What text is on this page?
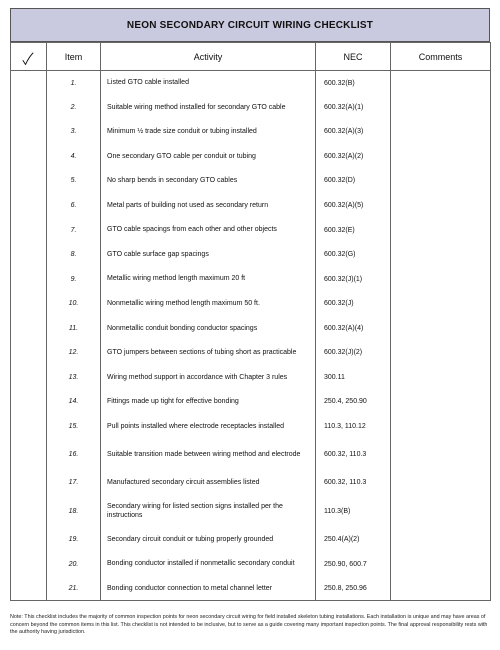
NEON SECONDARY CIRCUIT WIRING CHECKLIST
	Item	Activity	NEC	Comments
	1.	Listed GTO cable installed	600.32(B)	
	2.	Suitable wiring method installed for secondary GTO cable	600.32(A)(1)	
	3.	Minimum ½ trade size conduit or tubing installed	600.32(A)(3)	
	4.	One secondary GTO cable per conduit or tubing	600.32(A)(2)	
	5.	No sharp bends in secondary GTO cables	600.32(D)	
	6.	Metal parts of building not used as secondary return	600.32(A)(5)	
	7.	GTO cable spacings from each other and other objects	600.32(E)	
	8.	GTO cable surface gap spacings	600.32(G)	
	9.	Metallic wiring method length maximum 20 ft	600.32(J)(1)	
	10.	Nonmetallic wiring method length maximum 50 ft.	600.32(J)	
	11.	Nonmetallic conduit bonding conductor spacings	600.32(A)(4)	
	12.	GTO jumpers between sections of tubing short as practicable	600.32(J)(2)	
	13.	Wiring method support in accordance with Chapter 3 rules	300.11	
	14.	Fittings made up tight for effective bonding	250.4, 250.90	
	15.	Pull points installed where electrode receptacles installed	110.3, 110.12	
	16.	Suitable transition made between wiring method and electrode	600.32, 110.3	
	17.	Manufactured secondary circuit assemblies listed	600.32, 110.3	
	18.	Secondary wiring for listed section signs installed per the instructions	110.3(B)	
	19.	Secondary circuit conduit or tubing properly grounded	250.4(A)(2)	
	20.	Bonding conductor installed if nonmetallic secondary conduit	250.90, 600.7	
	21.	Bonding conductor connection to metal channel letter	250.8, 250.96	
Note: This checklist includes the majority of common inspection points for neon secondary circuit wiring for field installed skeleton tubing installations. Each installation is unique and may have areas of concern beyond the common items in this list. This checklist is not intended to be inclusive, but to serve as a guide covering many important inspection points. The final approval responsibility rests with the authority having jurisdiction.
